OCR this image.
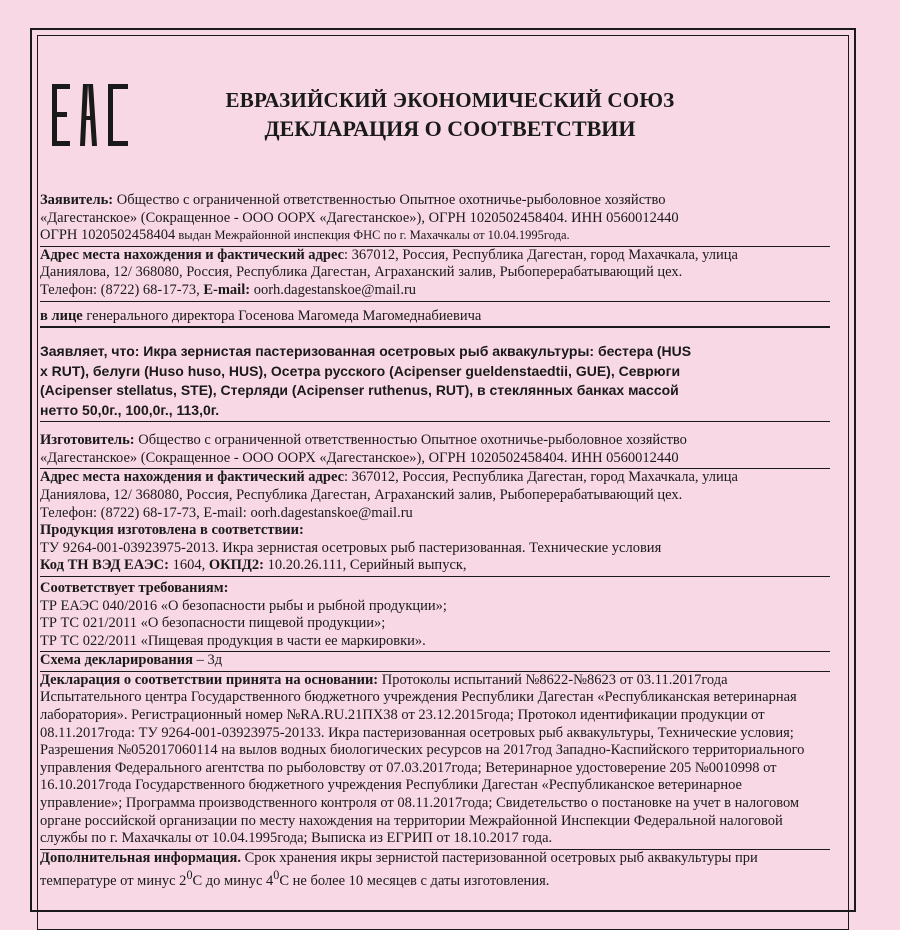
ЕВРАЗИЙСКИЙ ЭКОНОМИЧЕСКИЙ СОЮЗ
ДЕКЛАРАЦИЯ О СООТВЕТСТВИИ
Заявитель: Общество с ограниченной ответственностью Опытное охотничье-рыболовное хозяйство
«Дагестанское» (Сокращенное - ООО ООРХ «Дагестанское»), ОГРН 1020502458404. ИНН 0560012440
ОГРН 1020502458404 выдан Межрайонной инспекция ФНС по г. Махачкалы от 10.04.1995года.
Адрес места нахождения и фактический адрес: 367012, Россия, Республика Дагестан, город Махачкала, улица
Даниялова, 12/ 368080, Россия, Республика Дагестан, Аграханский залив, Рыбоперерабатывающий цех.
Телефон: (8722) 68-17-73, E-mail: oorh.dagestanskoe@mail.ru
в лице генерального директора Госенова Магомеда Магомеднабиевича
Заявляет, что: Икра зернистая пастеризованная осетровых рыб аквакультуры: бестера (HUS
x RUT), белуги (Huso huso, HUS), Осетра русского (Acipenser gueldenstaedtii, GUE), Севрюги
(Acipenser stellatus, STE), Стерляди (Acipenser ruthenus, RUT), в стеклянных банках массой
нетто 50,0г., 100,0г., 113,0г.
Изготовитель: Общество с ограниченной ответственностью Опытное охотничье-рыболовное хозяйство
«Дагестанское» (Сокращенное - ООО ООРХ «Дагестанское»), ОГРН 1020502458404. ИНН 0560012440
Адрес места нахождения и фактический адрес: 367012, Россия, Республика Дагестан, город Махачкала, улица
Даниялова, 12/ 368080, Россия, Республика Дагестан, Аграханский залив, Рыбоперерабатывающий цех.
Телефон: (8722) 68-17-73, E-mail: oorh.dagestanskoe@mail.ru
Продукция изготовлена в соответствии:
ТУ 9264-001-03923975-2013. Икра зернистая осетровых рыб пастеризованная. Технические условия
Код ТН ВЭД ЕАЭС: 1604, ОКПД2: 10.20.26.111, Серийный выпуск,
Соответствует требованиям:
ТР ЕАЭС 040/2016 «О безопасности рыбы и рыбной продукции»;
ТР ТС 021/2011 «О безопасности пищевой продукции»;
ТР ТС 022/2011 «Пищевая продукция в части ее маркировки».
Схема декларирования – 3д
Декларация о соответствии принята на основании: Протоколы испытаний №8622-№8623 от 03.11.2017года
Испытательного центра Государственного бюджетного учреждения Республики Дагестан «Республиканская ветеринарная
лаборатория». Регистрационный номер №RA.RU.21ПХ38 от 23.12.2015года; Протокол идентификации продукции от
08.11.2017года: ТУ 9264-001-03923975-20133. Икра пастеризованная осетровых рыб аквакультуры, Технические условия;
Разрешения №052017060114 на вылов водных биологических ресурсов на 2017год Западно-Каспийского территориального
управления Федерального агентства по рыболовству от 07.03.2017года; Ветеринарное удостоверение 205 №0010998 от
16.10.2017года Государственного бюджетного учреждения Республики Дагестан «Республиканское ветеринарное
управление»; Программа производственного контроля от 08.11.2017года; Свидетельство о постановке на учет в налоговом
органе российской организации по месту нахождения на территории Межрайонной Инспекции Федеральной налоговой
службы по г. Махачкалы от 10.04.1995года; Выписка из ЕГРИП от 18.10.2017 года.
Дополнительная информация. Срок хранения икры зернистой пастеризованной осетровых рыб аквакультуры при
температуре от минус $2^0С$ до минус $4^0С$ не более 10 месяцев с даты изготовления.
